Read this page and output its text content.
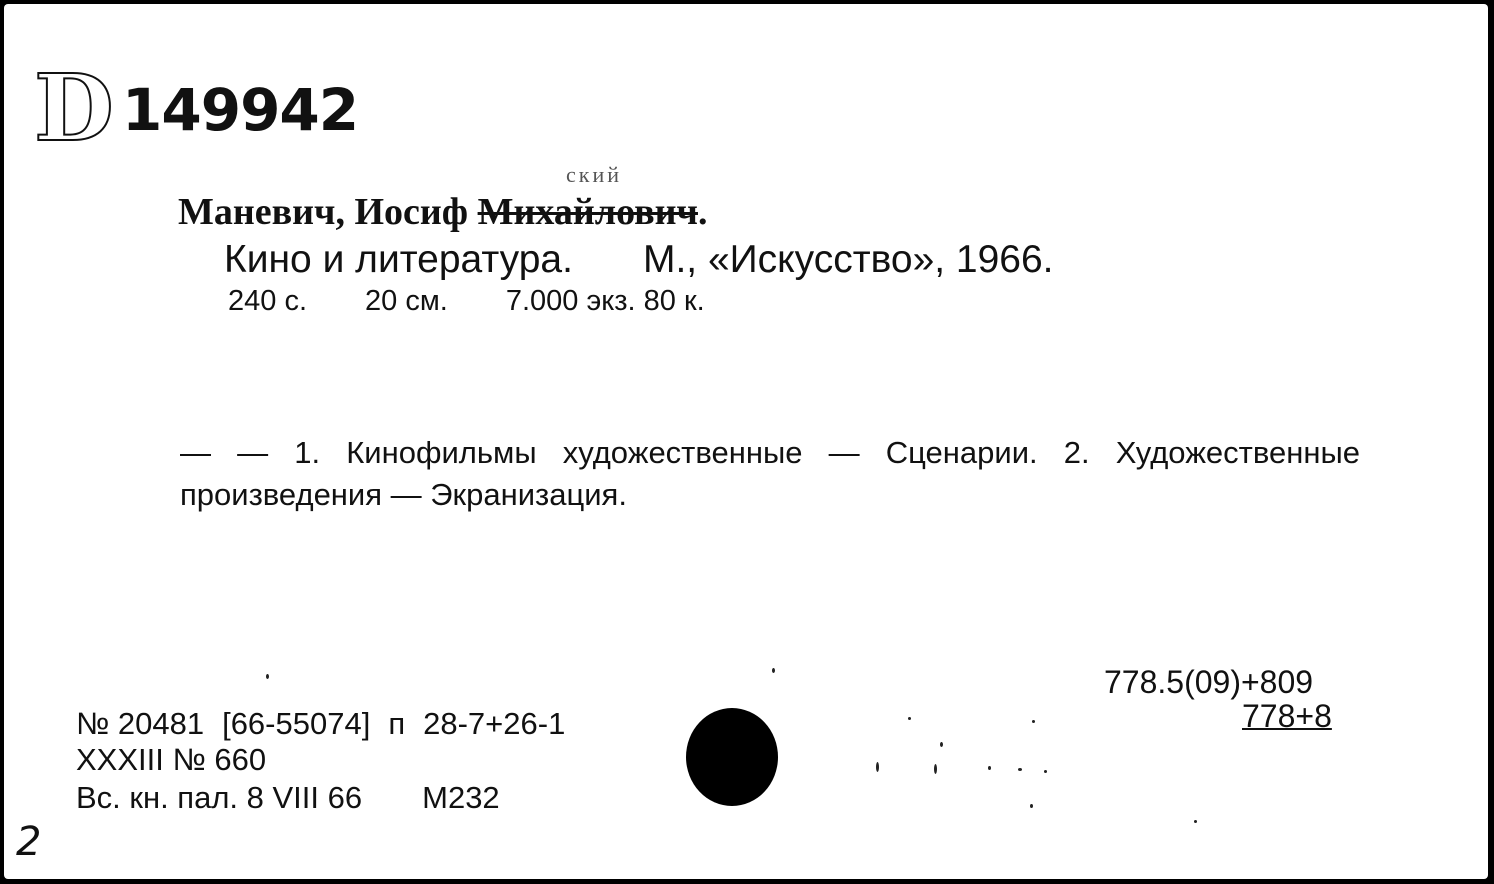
D 149942
ский
Маневич, Иосиф Михайлович.
Кино и литература. М., «Искусство», 1966.
240 с. 20 см. 7.000 экз. 80 к.
— — 1. Кинофильмы художественные — Сценарии. 2. Художественные произведения — Экранизация.
778.5(09)+809
778+8
№ 20481 [66-55074] п 28-7+26-1
XXXIII № 660
Вс. кн. пал. 8 VIII 66 М232
2
